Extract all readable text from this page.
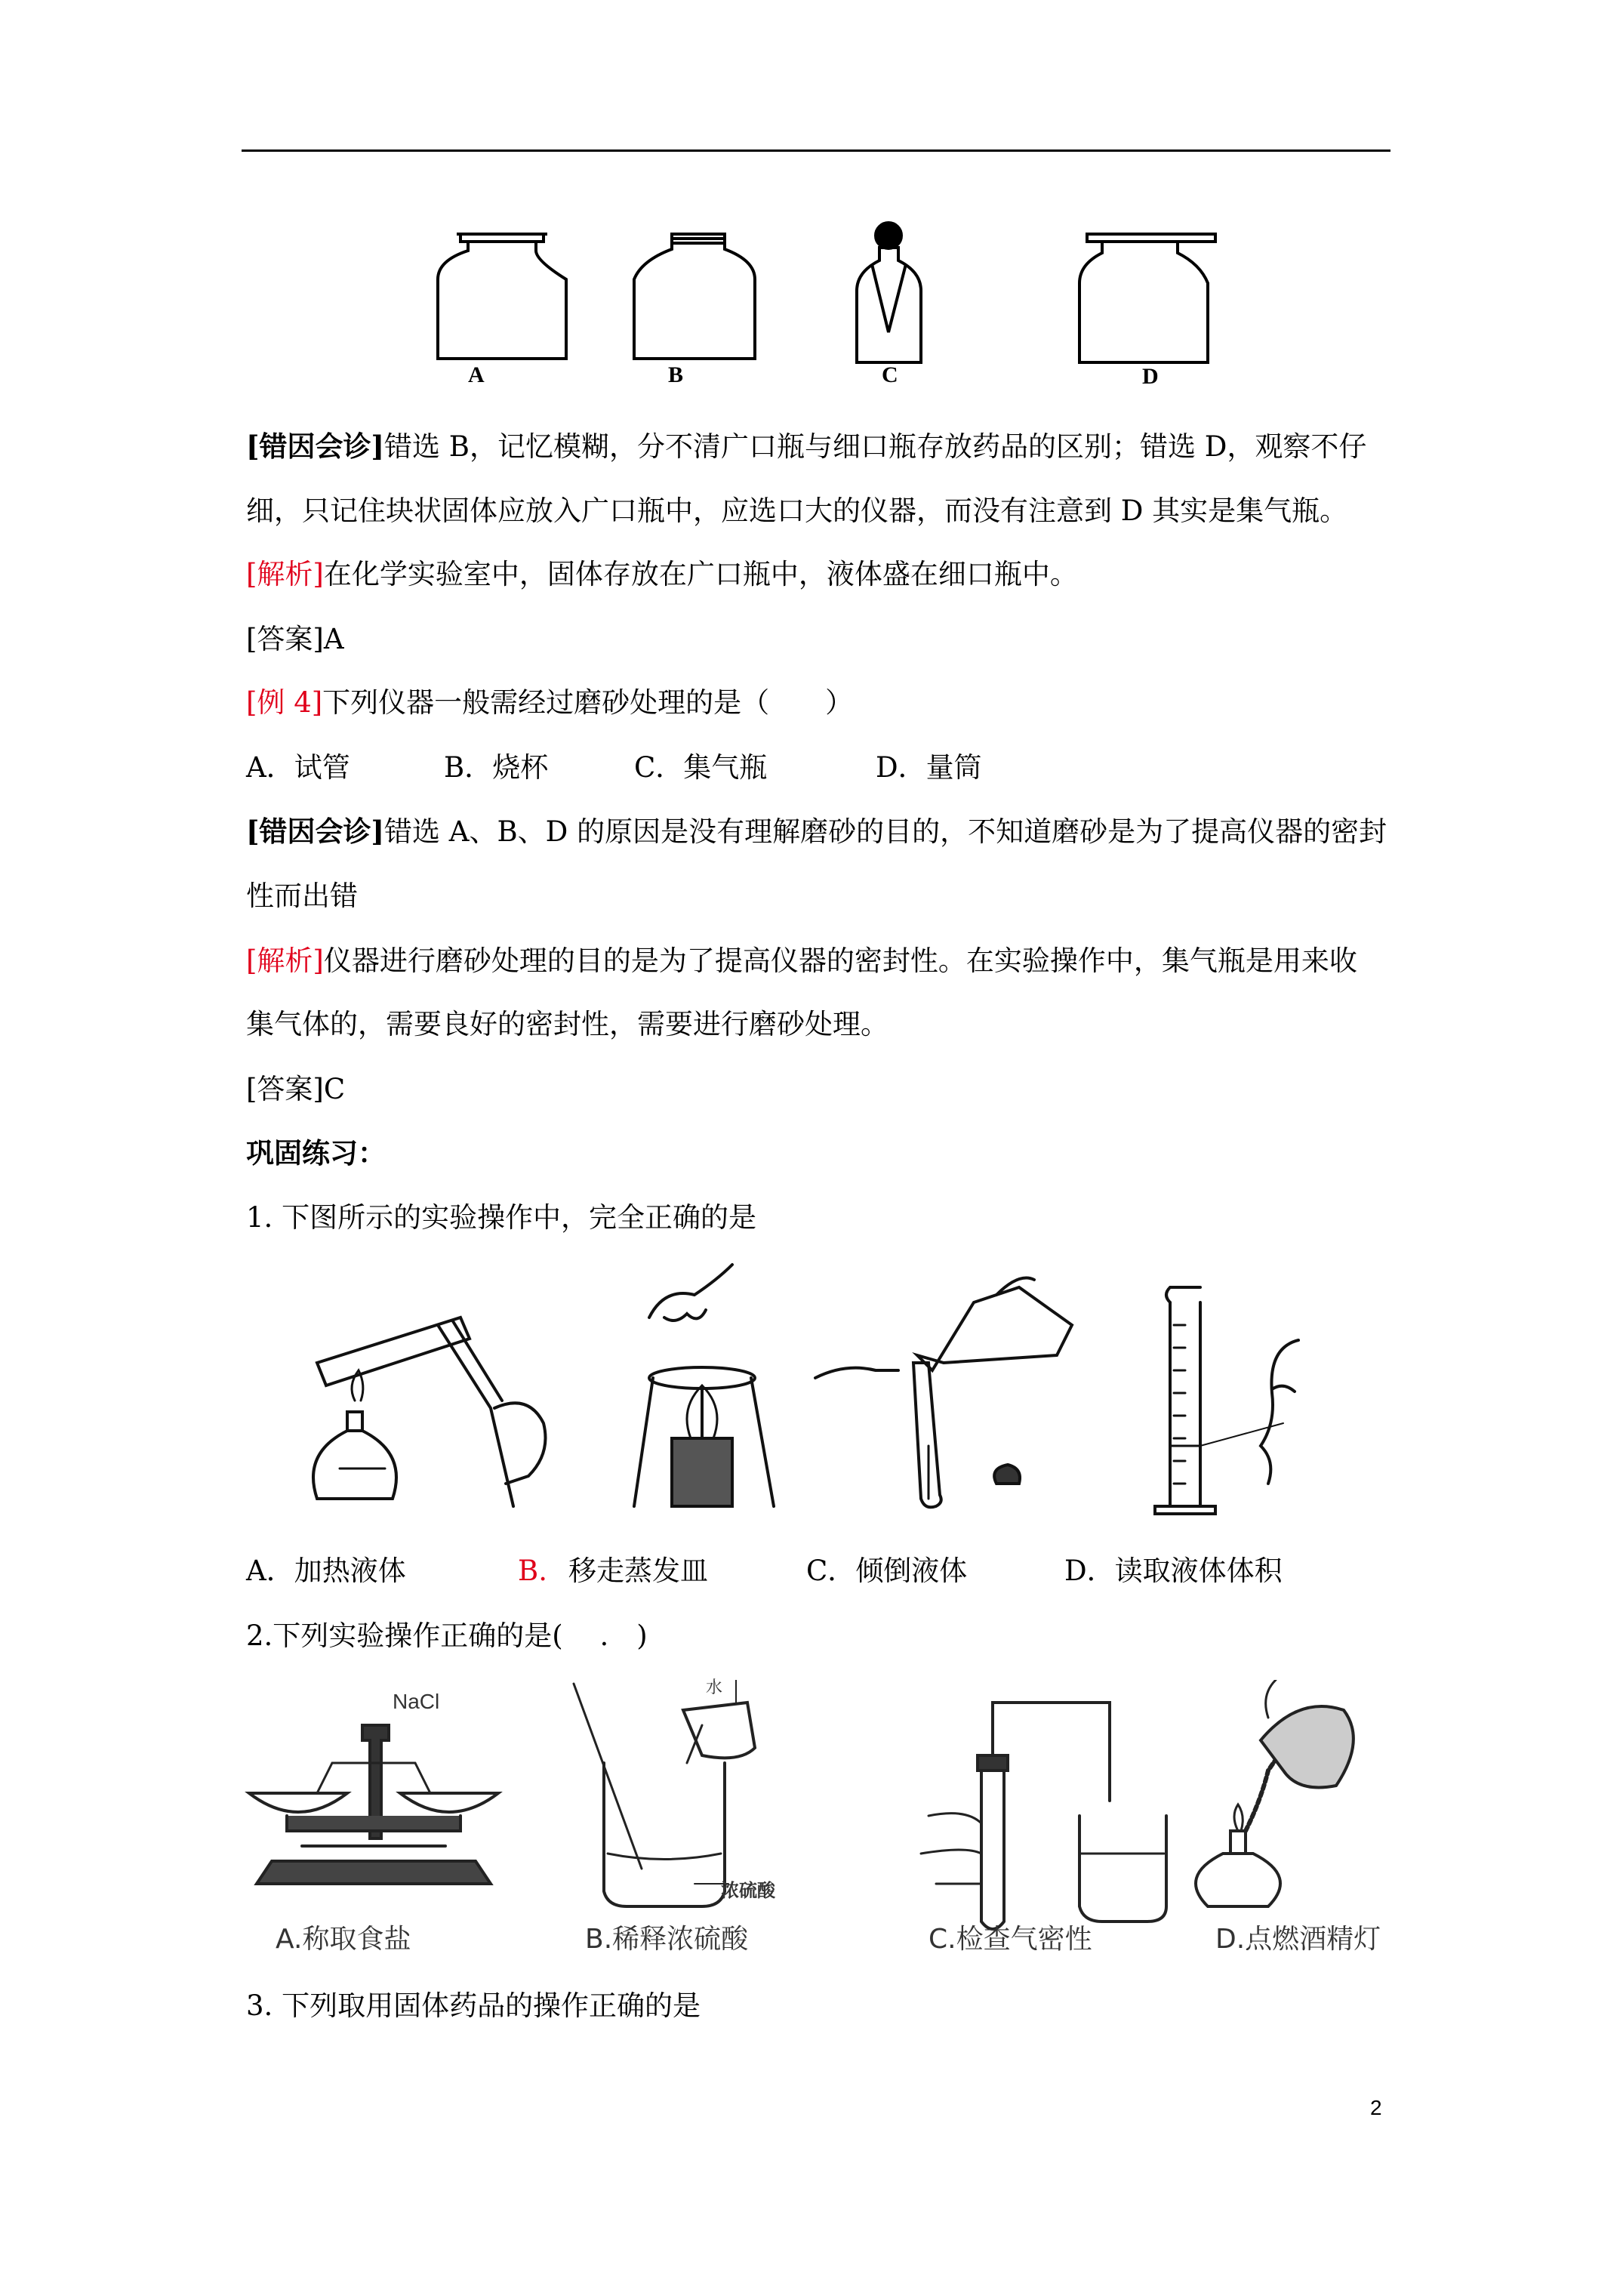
A	B	C	D
[错因会诊]错选 B，记忆模糊，分不清广口瓶与细口瓶存放药品的区别；错选 D，观察不仔
细，只记住块状固体应放入广口瓶中，应选口大的仪器，而没有注意到 D 其实是集气瓶。
[解析]在化学实验室中，固体存放在广口瓶中，液体盛在细口瓶中。
[答案]A
[例 4]下列仪器一般需经过磨砂处理的是（　　）
A．试管	B．烧杯	C．集气瓶	D．量筒
[错因会诊]错选 A、B、D 的原因是没有理解磨砂的目的，不知道磨砂是为了提高仪器的密封
性而出错
[解析]仪器进行磨砂处理的目的是为了提高仪器的密封性。在实验操作中，集气瓶是用来收
集气体的，需要良好的密封性，需要进行磨砂处理。
[答案]C
巩固练习：
1. 下图所示的实验操作中，完全正确的是
A．加热液体	B. 移走蒸发皿	C．倾倒液体	D．读取液体体积
2.下列实验操作正确的是(　 .　)
NaCl
水
浓硫酸
A.称取食盐	B.稀释浓硫酸	C.检查气密性	D.点燃酒精灯
3. 下列取用固体药品的操作正确的是
2
